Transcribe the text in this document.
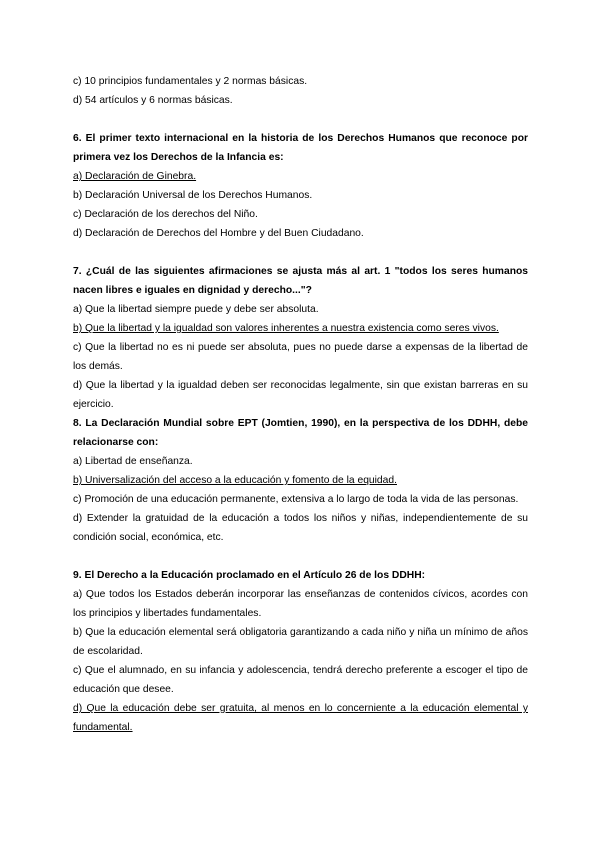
c) 10 principios fundamentales y 2 normas básicas.

d) 54 artículos y 6 normas básicas.

6. El primer texto internacional en la historia de los Derechos Humanos que reconoce por primera vez los Derechos de la Infancia es:

a) Declaración de Ginebra.

b) Declaración Universal de los Derechos Humanos.

c) Declaración de los derechos del Niño.

d) Declaración de Derechos del Hombre y del Buen Ciudadano.

7. ¿Cuál de las siguientes afirmaciones se ajusta más al art. 1 "todos los seres humanos nacen libres e iguales en dignidad y derecho..."?

a) Que la libertad siempre puede y debe ser absoluta.

b) Que la libertad y la igualdad son valores inherentes a nuestra existencia como seres vivos.

c) Que la libertad no es ni puede ser absoluta, pues no puede darse a expensas de la libertad de los demás.

d) Que la libertad y la igualdad deben ser reconocidas legalmente, sin que existan barreras en su ejercicio.

8. La Declaración Mundial sobre EPT (Jomtien, 1990), en la perspectiva de los DDHH, debe relacionarse con:

a) Libertad de enseñanza.

b) Universalización del acceso a la educación y fomento de la equidad.

c) Promoción de una educación permanente, extensiva a lo largo de toda la vida de las personas.

d) Extender la gratuidad de la educación a todos los niños y niñas, independientemente de su condición social, económica, etc.

9. El Derecho a la Educación proclamado en el Artículo 26 de los DDHH:

a) Que todos los Estados deberán incorporar las enseñanzas de contenidos cívicos, acordes con los principios y libertades fundamentales.

b) Que la educación elemental será obligatoria garantizando a cada niño y niña un mínimo de años de escolaridad.

c) Que el alumnado, en su infancia y adolescencia, tendrá derecho preferente a escoger el tipo de educación que desee.

d) Que la educación debe ser gratuita, al menos en lo concerniente a la educación elemental y fundamental.
